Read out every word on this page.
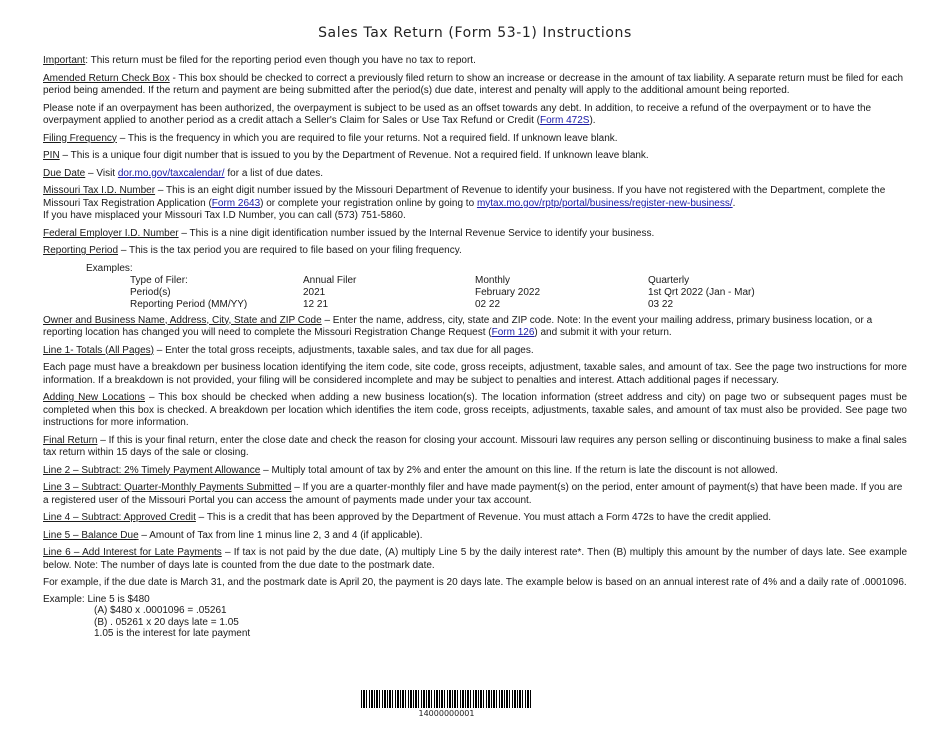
Sales Tax Return (Form 53-1) Instructions

Important: This return must be filed for the reporting period even though you have no tax to report.

Amended Return Check Box - This box should be checked to correct a previously filed return to show an increase or decrease in the amount of tax liability. A separate return must be filed for each period being amended. If the return and payment are being submitted after the period(s) due date, interest and penalty will apply to the additional amount being reported.

Please note if an overpayment has been authorized, the overpayment is subject to be used as an offset towards any debt. In addition, to receive a refund of the overpayment or to have the overpayment applied to another period as a credit attach a Seller's Claim for Sales or Use Tax Refund or Credit (Form 472S).

Filing Frequency – This is the frequency in which you are required to file your returns. Not a required field. If unknown leave blank.

PIN – This is a unique four digit number that is issued to you by the Department of Revenue. Not a required field. If unknown leave blank.

Due Date – Visit dor.mo.gov/taxcalendar/ for a list of due dates.

Missouri Tax I.D. Number – This is an eight digit number issued by the Missouri Department of Revenue to identify your business. If you have not registered with the Department, complete the Missouri Tax Registration Application (Form 2643) or complete your registration online by going to mytax.mo.gov/rptp/portal/business/register-new-business/.
If you have misplaced your Missouri Tax I.D Number, you can call (573) 751-5860.

Federal Employer I.D. Number – This is a nine digit identification number issued by the Internal Revenue Service to identify your business.

Reporting Period – This is the tax period you are required to file based on your filing frequency.

Examples:
Type of Filer:	Annual Filer	Monthly	Quarterly
Period(s)	2021	February 2022	1st Qrt 2022 (Jan - Mar)
Reporting Period (MM/YY)	12 21	02 22	03 22

Owner and Business Name, Address, City, State and ZIP Code – Enter the name, address, city, state and ZIP code. Note: In the event your mailing address, primary business location, or a reporting location has changed you will need to complete the Missouri Registration Change Request (Form 126) and submit it with your return.

Line 1- Totals (All Pages) – Enter the total gross receipts, adjustments, taxable sales, and tax due for all pages.

Each page must have a breakdown per business location identifying the item code, site code, gross receipts, adjustment, taxable sales, and amount of tax. See the page two instructions for more information. If a breakdown is not provided, your filing will be considered incomplete and may be subject to penalties and interest. Attach additional pages if necessary.

Adding New Locations – This box should be checked when adding a new business location(s). The location information (street address and city) on page two or subsequent pages must be completed when this box is checked. A breakdown per location which identifies the item code, gross receipts, adjustments, taxable sales, and amount of tax must also be provided. See page two instructions for more information.

Final Return – If this is your final return, enter the close date and check the reason for closing your account. Missouri law requires any person selling or discontinuing business to make a final sales tax return within 15 days of the sale or closing.

Line 2 – Subtract: 2% Timely Payment Allowance – Multiply total amount of tax by 2% and enter the amount on this line. If the return is late the discount is not allowed.

Line 3 – Subtract: Quarter-Monthly Payments Submitted – If you are a quarter-monthly filer and have made payment(s) on the period, enter amount of payment(s) that have been made. If you are a registered user of the Missouri Portal you can access the amount of payments made under your tax account.

Line 4 – Subtract: Approved Credit – This is a credit that has been approved by the Department of Revenue. You must attach a Form 472s to have the credit applied.

Line 5 – Balance Due – Amount of Tax from line 1 minus line 2, 3 and 4 (if applicable).

Line 6 – Add Interest for Late Payments – If tax is not paid by the due date, (A) multiply Line 5 by the daily interest rate*. Then (B) multiply this amount by the number of days late. See example below. Note: The number of days late is counted from the due date to the postmark date.

For example, if the due date is March 31, and the postmark date is April 20, the payment is 20 days late. The example below is based on an annual interest rate of 4% and a daily rate of .0001096.

Example: Line 5 is $480
(A) $480 x .0001096 = .05261
(B) . 05261 x 20 days late = 1.05
1.05 is the interest for late payment
14000000001
